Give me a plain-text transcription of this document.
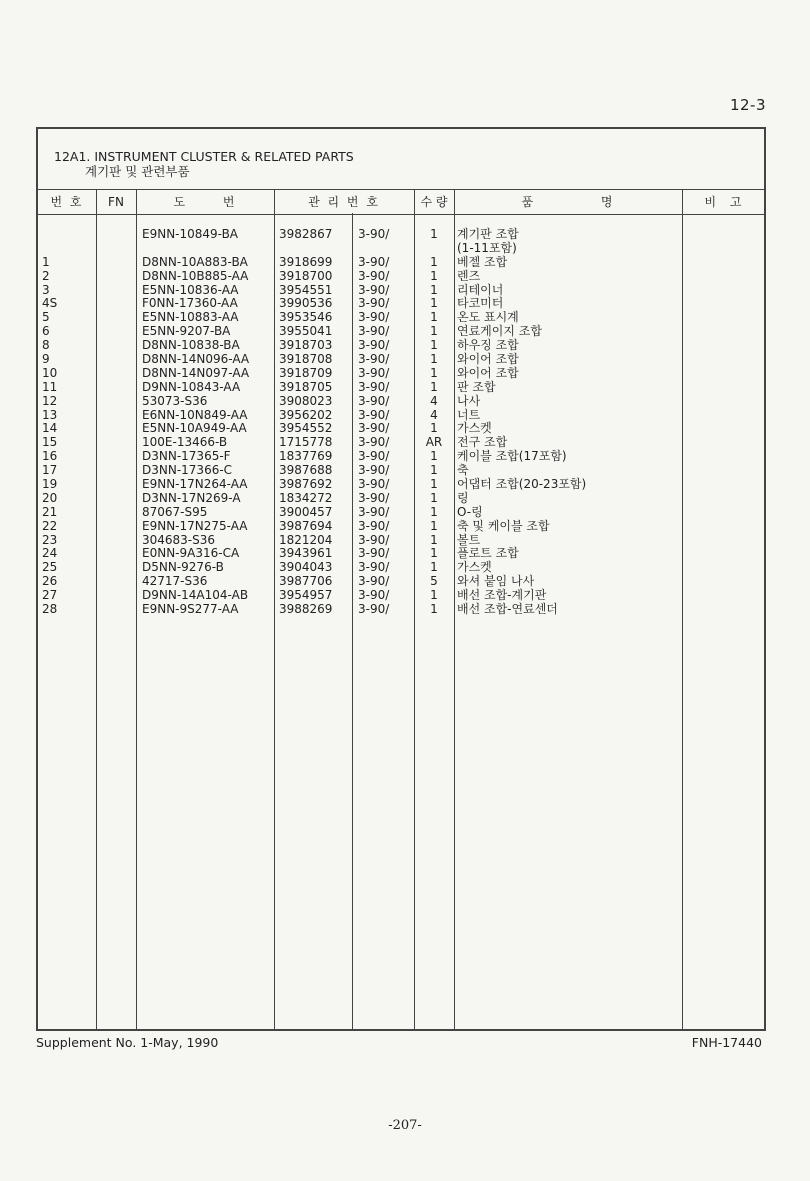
12-3
12A1. INSTRUMENT CLUSTER & RELATED PARTS
계기판 및 관련부품
번 호	FN	도 번	관 리 번 호	수 량	품 명	비 고
E9NN-10849-BA	3982867 3-90/	1	계기판 조합
(1-11포함)
1	D8NN-10A883-BA	3918699 3-90/	1	베젤 조합
2	D8NN-10B885-AA	3918700 3-90/	1	렌즈
3	E5NN-10836-AA	3954551 3-90/	1	리테이너
4S	F0NN-17360-AA	3990536 3-90/	1	타코미터
5	E5NN-10883-AA	3953546 3-90/	1	온도 표시계
6	E5NN-9207-BA	3955041 3-90/	1	연료게이지 조합
8	D8NN-10838-BA	3918703 3-90/	1	하우징 조합
9	D8NN-14N096-AA 3918708 3-90/	1	와이어 조합
10	D8NN-14N097-AA 3918709 3-90/	1	와이어 조합
11	D9NN-10843-AA	3918705 3-90/	1	판 조합
12	53073-S36	3908023 3-90/	4	나사
13	E6NN-10N849-AA	3956202 3-90/	4	너트
14	E5NN-10A949-AA	3954552 3-90/	1	가스켓
15	100E-13466-B	1715778 3-90/	AR	전구 조합
16	D3NN-17365-F	1837769 3-90/	1	케이블 조합(17포함)
17	D3NN-17366-C	3987688 3-90/	1	축
19	E9NN-17N264-AA	3987692 3-90/	1	어댑터 조합(20-23포함)
20	D3NN-17N269-A	1834272 3-90/	1	링
21	87067-S95	3900457 3-90/	1	O-링
22	E9NN-17N275-AA	3987694 3-90/	1	축 및 케이블 조합
23	304683-S36	1821204 3-90/	1	볼트
24	E0NN-9A316-CA	3943961 3-90/	1	플로트 조합
25	D5NN-9276-B	3904043 3-90/	1	가스켓
26	42717-S36	3987706 3-90/	5	와셔 붙임 나사
27	D9NN-14A104-AB	3954957 3-90/	1	배선 조합-계기판
28	E9NN-9S277-AA	3988269 3-90/	1	배선 조합-연료센더
Supplement No. 1-May, 1990	FNH-17440
-207-
